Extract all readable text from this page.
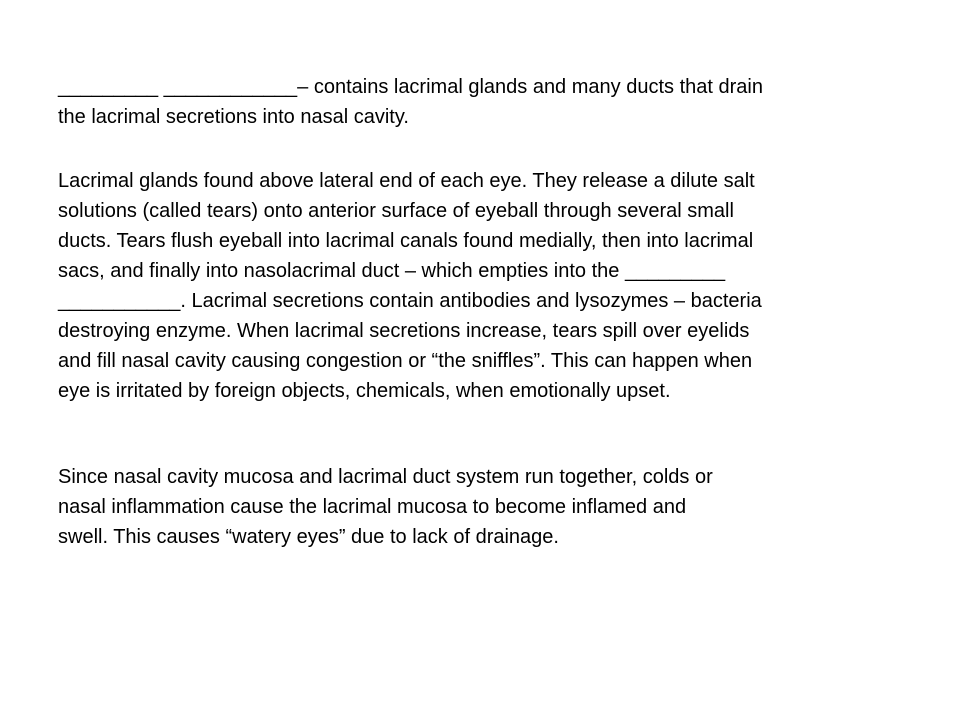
_________ ____________– contains lacrimal glands and many ducts that drain
the lacrimal secretions into nasal cavity.

Lacrimal glands found above lateral end of each eye. They release a dilute salt
solutions (called tears) onto anterior surface of eyeball through several small
ducts. Tears flush eyeball into lacrimal canals found medially, then into lacrimal
sacs, and finally into nasolacrimal duct – which empties into the _________
___________. Lacrimal secretions contain antibodies and lysozymes – bacteria
destroying enzyme. When lacrimal secretions increase, tears spill over eyelids
and fill nasal cavity causing congestion or “the sniffles”. This can happen when
eye is irritated by foreign objects, chemicals, when emotionally upset.

Since nasal cavity mucosa and lacrimal duct system run together, colds or
nasal inflammation cause the lacrimal mucosa to become inflamed and
swell. This causes “watery eyes” due to lack of drainage.
